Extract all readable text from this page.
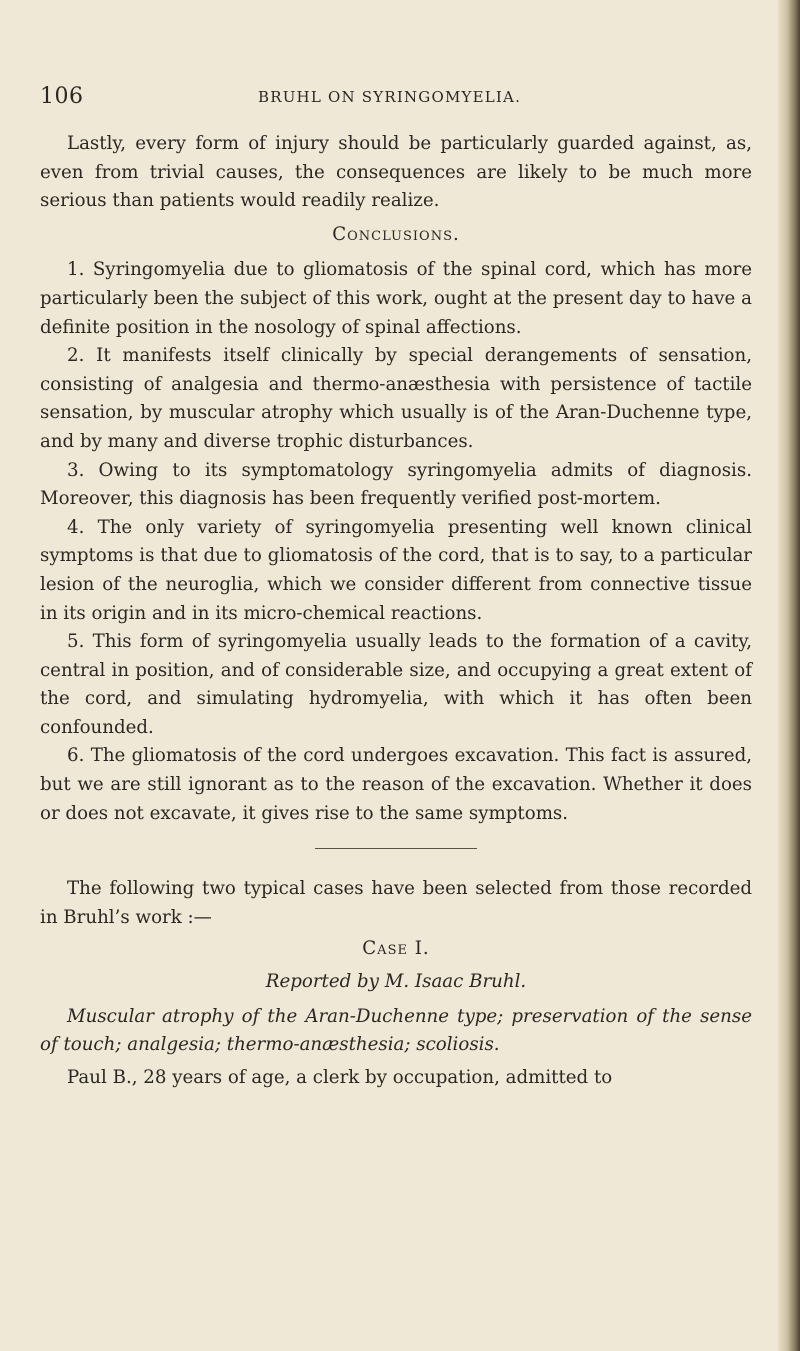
106	BRUHL ON SYRINGOMYELIA.

Lastly, every form of injury should be particularly guarded against, as, even from trivial causes, the consequences are likely to be much more serious than patients would readily realize.

Conclusions.

1. Syringomyelia due to gliomatosis of the spinal cord, which has more particularly been the subject of this work, ought at the present day to have a definite position in the nosology of spinal affections.

2. It manifests itself clinically by special derangements of sensation, consisting of analgesia and thermo-anæsthesia with persistence of tactile sensation, by muscular atrophy which usually is of the Aran-Duchenne type, and by many and diverse trophic disturbances.

3. Owing to its symptomatology syringomyelia admits of diagnosis. Moreover, this diagnosis has been frequently verified post-mortem.

4. The only variety of syringomyelia presenting well known clinical symptoms is that due to gliomatosis of the cord, that is to say, to a particular lesion of the neuroglia, which we consider different from connective tissue in its origin and in its micro-chemical reactions.

5. This form of syringomyelia usually leads to the formation of a cavity, central in position, and of considerable size, and occupying a great extent of the cord, and simulating hydromyelia, with which it has often been confounded.

6. The gliomatosis of the cord undergoes excavation. This fact is assured, but we are still ignorant as to the reason of the excavation. Whether it does or does not excavate, it gives rise to the same symptoms.

The following two typical cases have been selected from those recorded in Bruhl’s work :—

Case I.

Reported by M. Isaac Bruhl.

Muscular atrophy of the Aran-Duchenne type; preservation of the sense of touch; analgesia; thermo-anæsthesia; scoliosis.

Paul B., 28 years of age, a clerk by occupation, admitted to
